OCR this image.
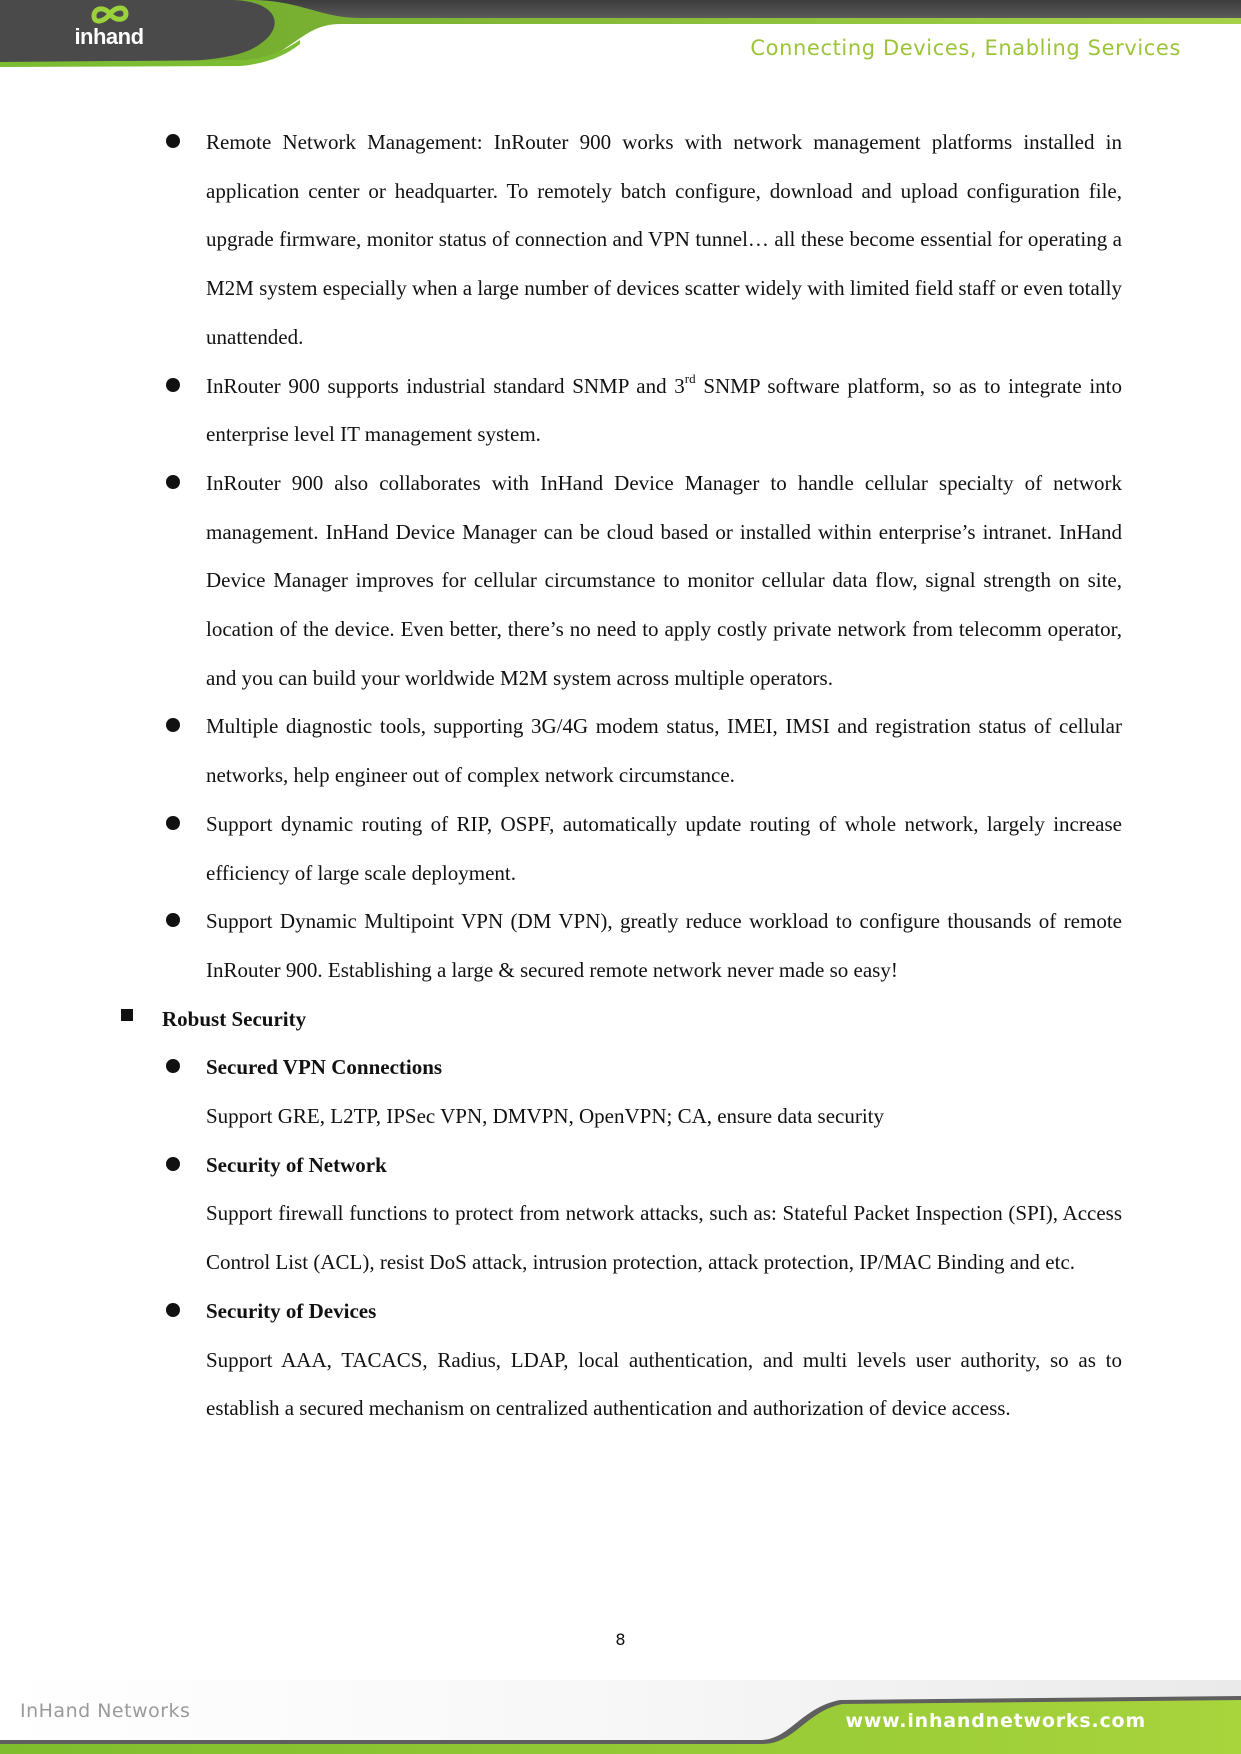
inhand	Connecting Devices, Enabling Services
Remote Network Management: InRouter 900 works with network management platforms installed in application center or headquarter. To remotely batch configure, download and upload configuration file, upgrade firmware, monitor status of connection and VPN tunnel… all these become essential for operating a M2M system especially when a large number of devices scatter widely with limited field staff or even totally unattended.
InRouter 900 supports industrial standard SNMP and 3rd SNMP software platform, so as to integrate into enterprise level IT management system.
InRouter 900 also collaborates with InHand Device Manager to handle cellular specialty of network management. InHand Device Manager can be cloud based or installed within enterprise’s intranet. InHand Device Manager improves for cellular circumstance to monitor cellular data flow, signal strength on site, location of the device. Even better, there’s no need to apply costly private network from telecomm operator, and you can build your worldwide M2M system across multiple operators.
Multiple diagnostic tools, supporting 3G/4G modem status, IMEI, IMSI and registration status of cellular networks, help engineer out of complex network circumstance.
Support dynamic routing of RIP, OSPF, automatically update routing of whole network, largely increase efficiency of large scale deployment.
Support Dynamic Multipoint VPN (DM VPN), greatly reduce workload to configure thousands of remote InRouter 900. Establishing a large & secured remote network never made so easy!
Robust Security
Secured VPN Connections
Support GRE, L2TP, IPSec VPN, DMVPN, OpenVPN; CA, ensure data security
Security of Network
Support firewall functions to protect from network attacks, such as: Stateful Packet Inspection (SPI), Access Control List (ACL), resist DoS attack, intrusion protection, attack protection, IP/MAC Binding and etc.
Security of Devices
Support AAA, TACACS, Radius, LDAP, local authentication, and multi levels user authority, so as to establish a secured mechanism on centralized authentication and authorization of device access.
8
InHand Networks	www.inhandnetworks.com
